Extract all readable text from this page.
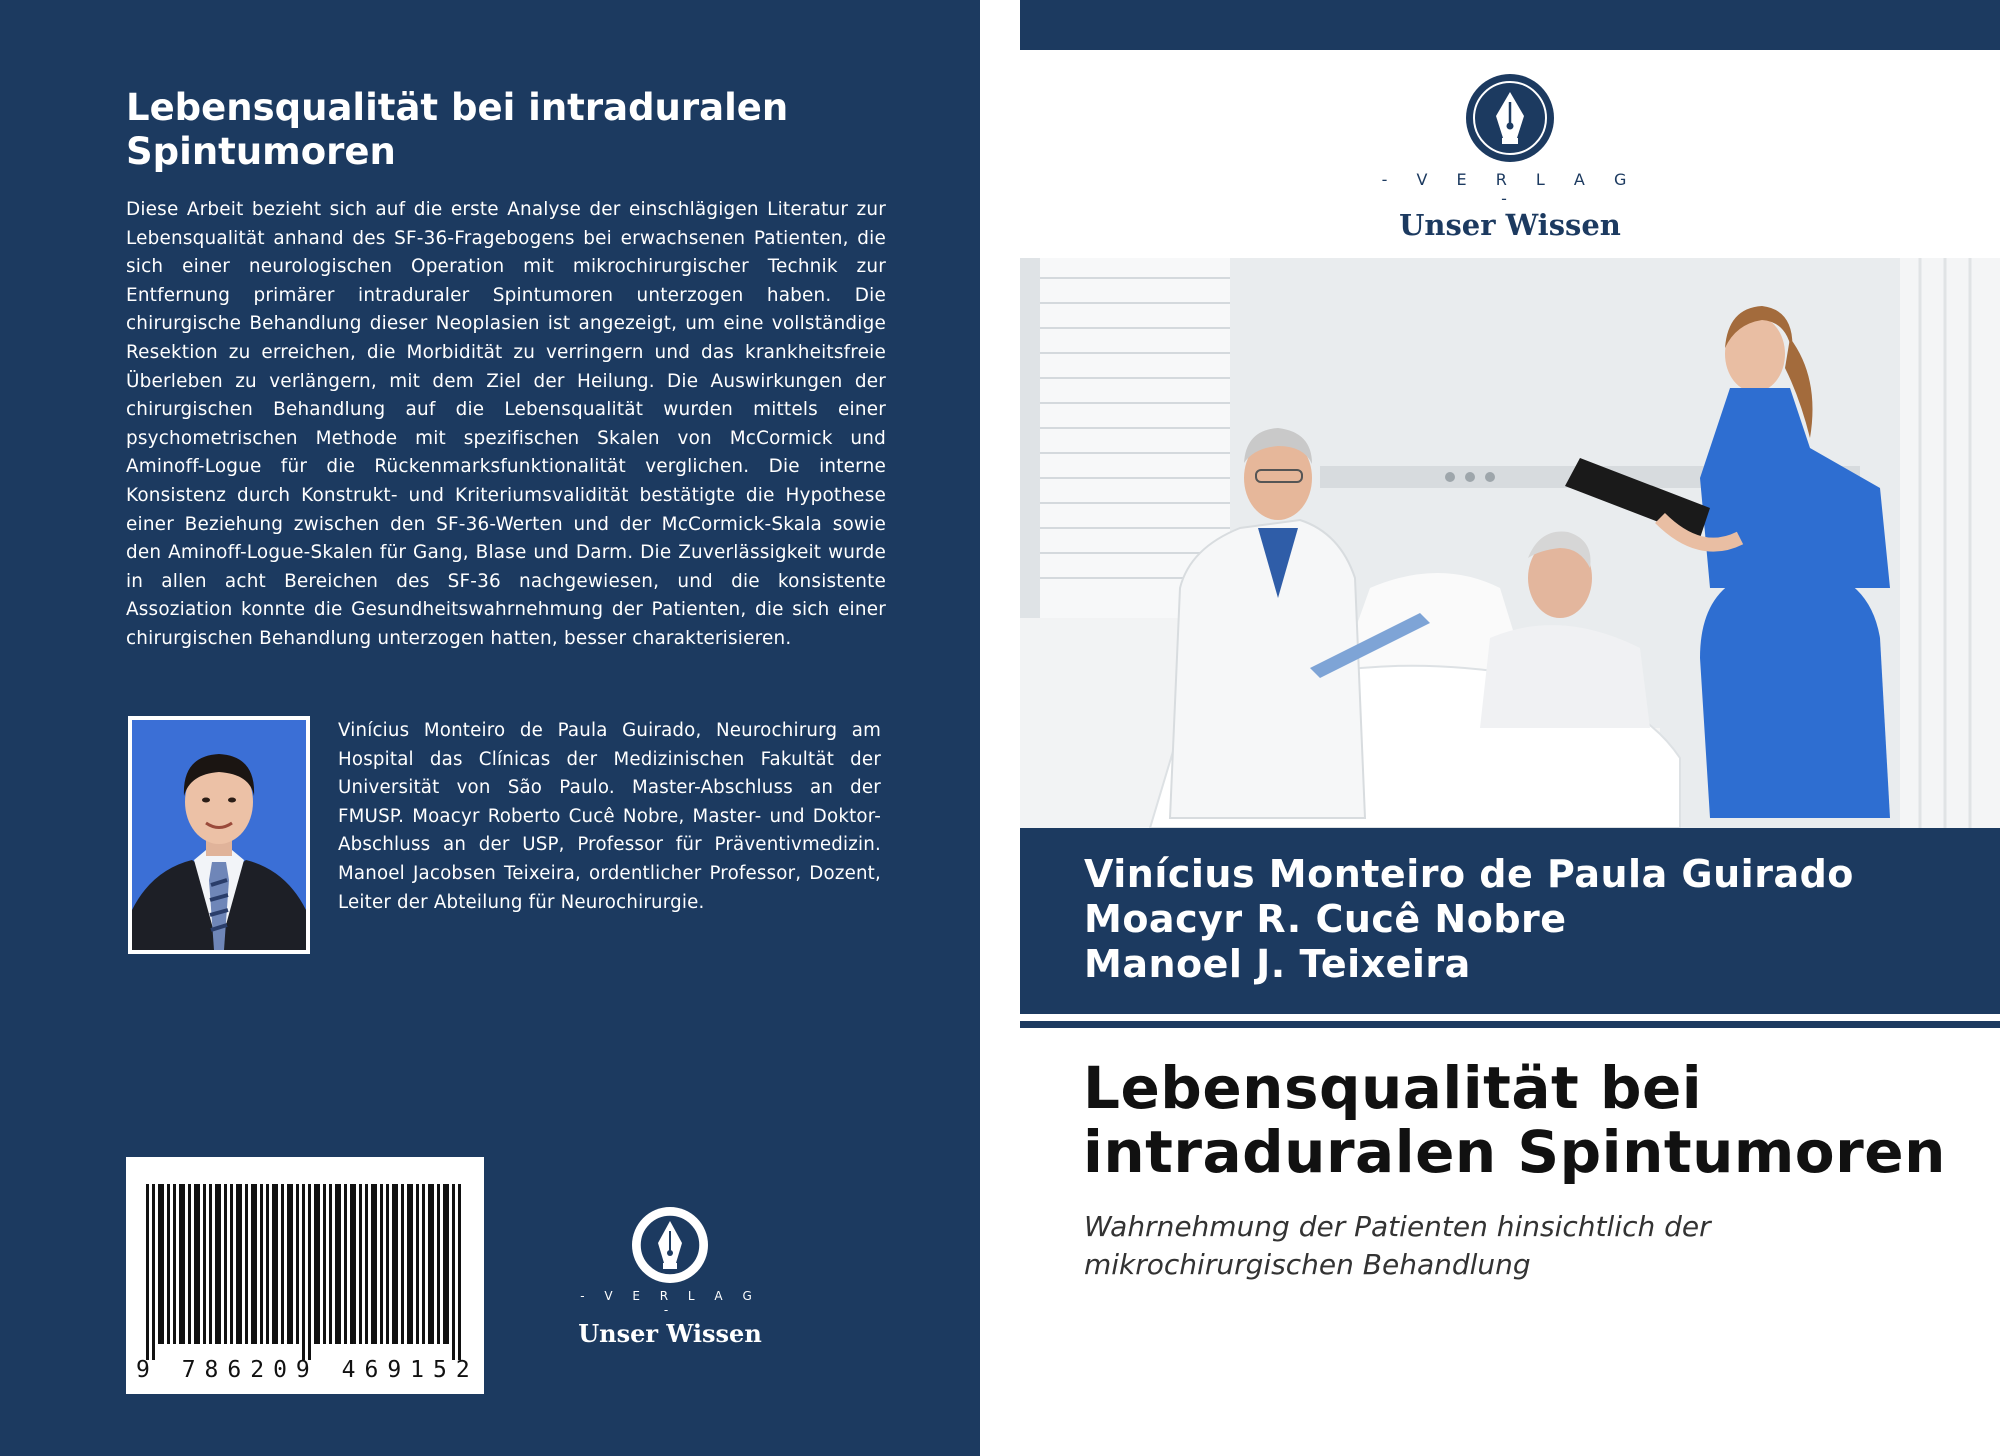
Lebensqualität bei intraduralen Spintumoren
Diese Arbeit bezieht sich auf die erste Analyse der einschlägigen Literatur zur Lebensqualität anhand des SF-36-Fragebogens bei erwachsenen Patienten, die sich einer neurologischen Operation mit mikrochirurgischer Technik zur Entfernung primärer intraduraler Spintumoren unterzogen haben. Die chirurgische Behandlung dieser Neoplasien ist angezeigt, um eine vollständige Resektion zu erreichen, die Morbidität zu verringern und das krankheitsfreie Überleben zu verlängern, mit dem Ziel der Heilung. Die Auswirkungen der chirurgischen Behandlung auf die Lebensqualität wurden mittels einer psychometrischen Methode mit spezifischen Skalen von McCormick und Aminoff-Logue für die Rückenmarksfunktionalität verglichen. Die interne Konsistenz durch Konstrukt- und Kriteriumsvalidität bestätigte die Hypothese einer Beziehung zwischen den SF-36-Werten und der McCormick-Skala sowie den Aminoff-Logue-Skalen für Gang, Blase und Darm. Die Zuverlässigkeit wurde in allen acht Bereichen des SF-36 nachgewiesen, und die konsistente Assoziation konnte die Gesundheitswahrnehmung der Patienten, die sich einer chirurgischen Behandlung unterzogen hatten, besser charakterisieren.
Vinícius Monteiro de Paula Guirado, Neurochirurg am Hospital das Clínicas der Medizinischen Fakultät der Universität von São Paulo. Master-Abschluss an der FMUSP. Moacyr Roberto Cucê Nobre, Master- und Doktor-Abschluss an der USP, Professor für Präventivmedizin. Manoel Jacobsen Teixeira, ordentlicher Professor, Dozent, Leiter der Abteilung für Neurochirurgie.
9 786209 469152
- V E R L A G -
Unser Wissen
- V E R L A G -
Unser Wissen
Vinícius Monteiro de Paula Guirado
Moacyr R. Cucê Nobre
Manoel J. Teixeira
Lebensqualität bei intraduralen Spintumoren
Wahrnehmung der Patienten hinsichtlich der mikrochirurgischen Behandlung
